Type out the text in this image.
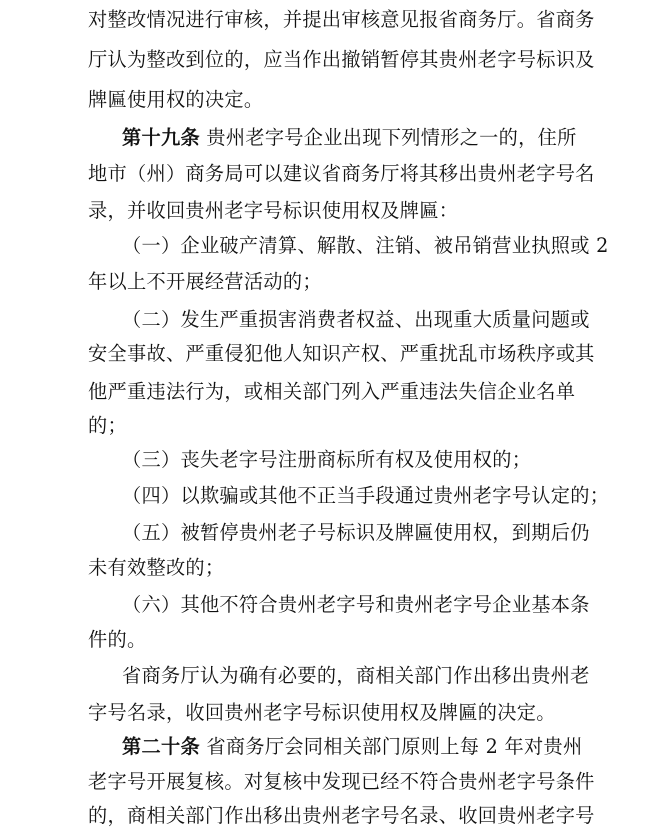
对整改情况进行审核，并提出审核意见报省商务厅。省商务
厅认为整改到位的，应当作出撤销暂停其贵州老字号标识及
牌匾使用权的决定。
第十九条 贵州老字号企业出现下列情形之一的，住所
地市（州）商务局可以建议省商务厅将其移出贵州老字号名
录，并收回贵州老字号标识使用权及牌匾：
（一）企业破产清算、解散、注销、被吊销营业执照或 2
年以上不开展经营活动的；
（二）发生严重损害消费者权益、出现重大质量问题或
安全事故、严重侵犯他人知识产权、严重扰乱市场秩序或其
他严重违法行为，或相关部门列入严重违法失信企业名单
的；
（三）丧失老字号注册商标所有权及使用权的；
（四）以欺骗或其他不正当手段通过贵州老字号认定的；
（五）被暂停贵州老子号标识及牌匾使用权，到期后仍
未有效整改的；
（六）其他不符合贵州老字号和贵州老字号企业基本条
件的。
省商务厅认为确有必要的，商相关部门作出移出贵州老
字号名录，收回贵州老字号标识使用权及牌匾的决定。
第二十条 省商务厅会同相关部门原则上每 2 年对贵州
老字号开展复核。对复核中发现已经不符合贵州老字号条件
的，商相关部门作出移出贵州老字号名录、收回贵州老字号
